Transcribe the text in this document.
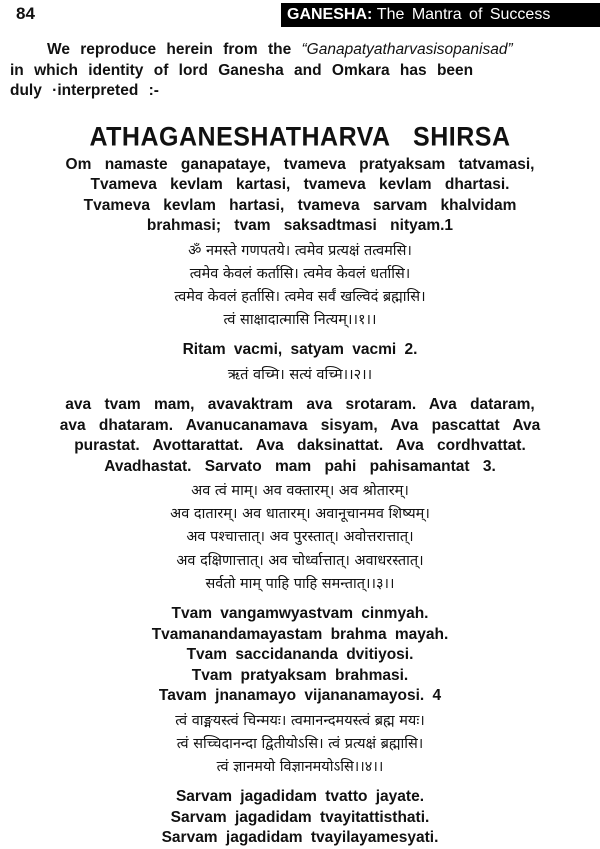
84	GANESHA: The Mantra of Success
We reproduce herein from the “Ganapatyatharvasisopanisad”
in which identity of lord Ganesha and Omkara has been
duly ·interpreted :-
ATHAGANESHATHARVA SHIRSA

Om namaste ganapataye, tvameva pratyaksam tatvamasi,

Tvameva kevlam kartasi, tvameva kevlam dhartasi.

Tvameva kevlam hartasi, tvameva sarvam khalvidam

brahmasi; tvam saksadtmasi nityam.1

ॐ नमस्ते गणपतये। त्वमेव प्रत्यक्षं तत्वमसि।

त्वमेव केवलं कर्तासि। त्वमेव केवलं धर्तासि।

त्वमेव केवलं हर्तासि। त्वमेव सर्वं खल्विदं ब्रह्मासि।

त्वं साक्षादात्मासि नित्यम्।।१।।

Ritam vacmi, satyam vacmi 2.

ऋतं वच्मि। सत्यं वच्मि।।२।।

ava tvam mam, avavaktram ava srotaram. Ava dataram,

ava dhataram. Avanucanamava sisyam, Ava pascattat Ava

purastat. Avottarattat. Ava daksinattat. Ava cordhvattat.

Avadhastat. Sarvato mam pahi pahisamantat 3.

अव त्वं माम्। अव वक्तारम्। अव श्रोतारम्।

अव दातारम्। अव धातारम्। अवानूचानमव शिष्यम्।

अव पश्चात्तात्। अव पुरस्तात्। अवोत्तरात्तात्।

अव दक्षिणात्तात्। अव चोर्ध्वात्तात्। अवाधरस्तात्।

सर्वतो माम् पाहि पाहि समन्तात्।।३।।

Tvam vangamwyastvam cinmyah.

Tvamanandamayastam brahma mayah.

Tvam saccidananda dvitiyosi.

Tvam pratyaksam brahmasi.

Tavam jnanamayo vijananamayosi. 4

त्वं वाङ्मयस्त्वं चिन्मयः। त्वमानन्दमयस्त्वं ब्रह्म मयः।

त्वं सच्चिदानन्दा द्वितीयोऽसि। त्वं प्रत्यक्षं ब्रह्मासि।

त्वं ज्ञानमयो विज्ञानमयोऽसि।।४।।

Sarvam jagadidam tvatto jayate.

Sarvam jagadidam tvayitattisthati.

Sarvam jagadidam tvayilayamesyati.
